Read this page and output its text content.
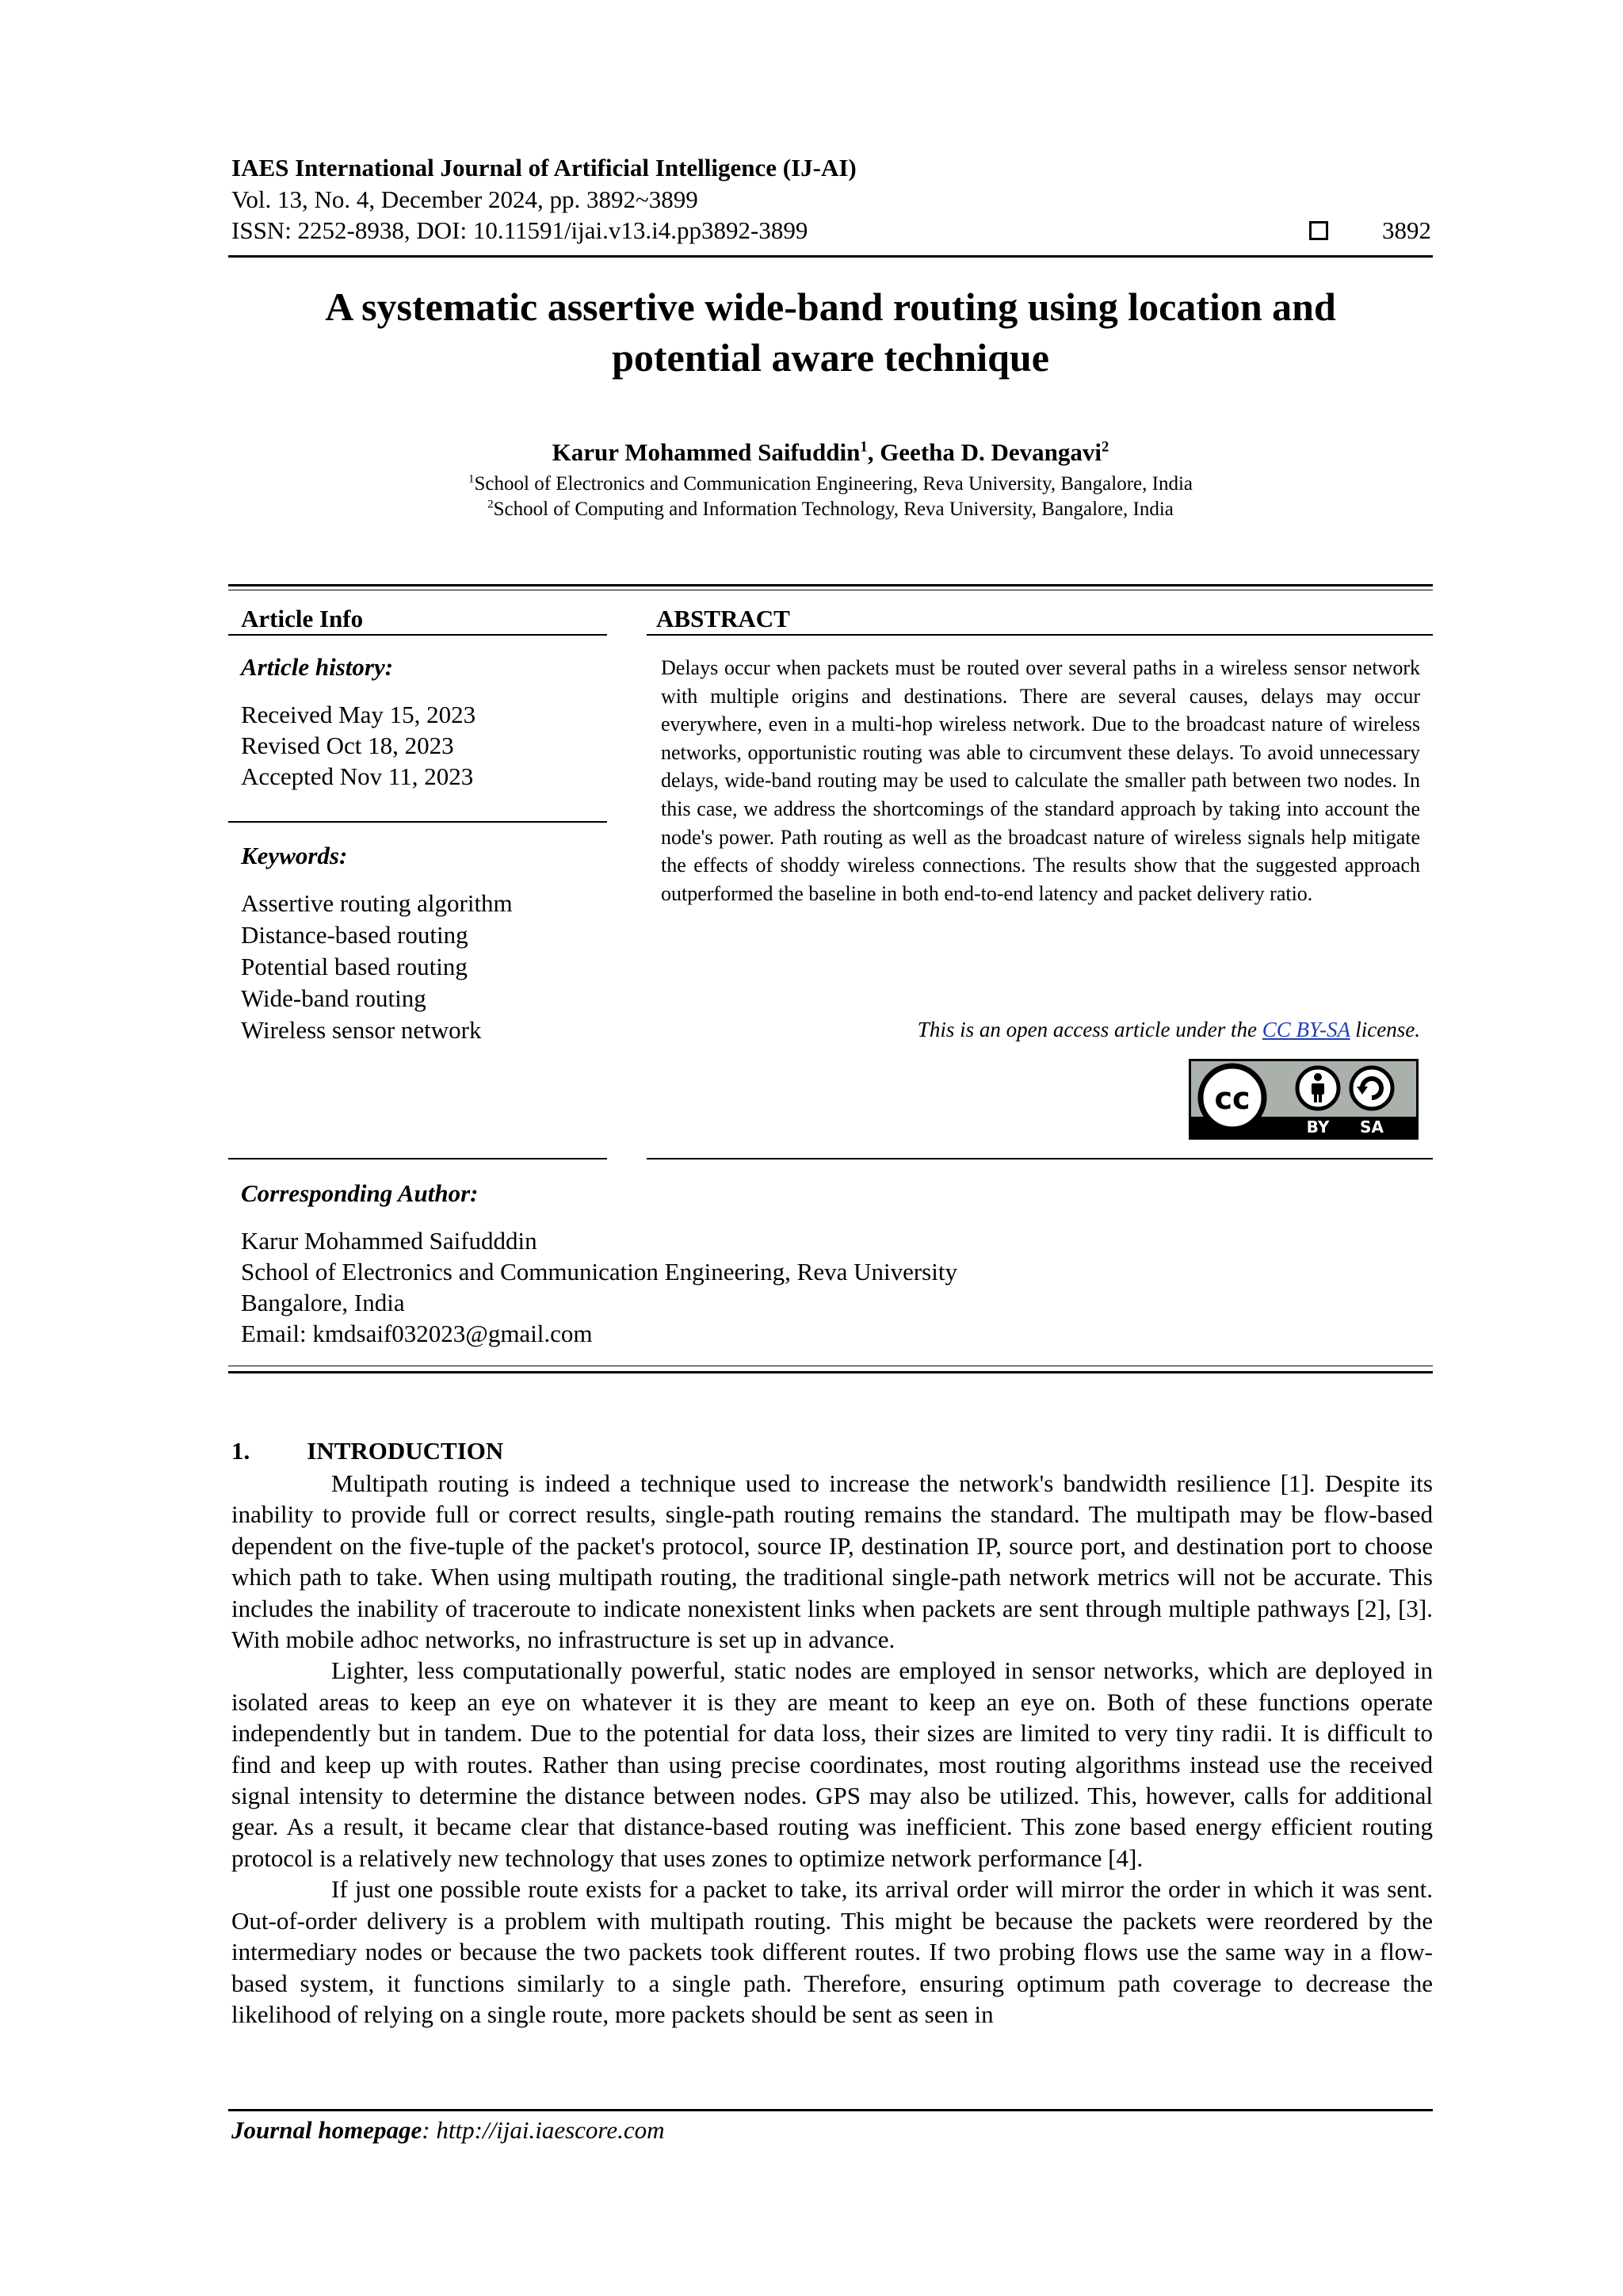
IAES International Journal of Artificial Intelligence (IJ-AI)
Vol. 13, No. 4, December 2024, pp. 3892~3899
ISSN: 2252-8938, DOI: 10.11591/ijai.v13.i4.pp3892-3899	3892
A systematic assertive wide-band routing using location and
potential aware technique
Karur Mohammed Saifuddin$^1$, Geetha D. Devangavi$^2$
$^1$School of Electronics and Communication Engineering, Reva University, Bangalore, India
$^2$School of Computing and Information Technology, Reva University, Bangalore, India
Article Info
Article history:
Received May 15, 2023
Revised Oct 18, 2023
Accepted Nov 11, 2023
Keywords:
Assertive routing algorithm
Distance-based routing
Potential based routing
Wide-band routing
Wireless sensor network
ABSTRACT
Delays occur when packets must be routed over several paths in a wireless sensor network with multiple origins and destinations. There are several causes, delays may occur everywhere, even in a multi-hop wireless network. Due to the broadcast nature of wireless networks, opportunistic routing was able to circumvent these delays. To avoid unnecessary delays, wide-band routing may be used to calculate the smaller path between two nodes. In this case, we address the shortcomings of the standard approach by taking into account the node's power. Path routing as well as the broadcast nature of wireless signals help mitigate the effects of shoddy wireless connections. The results show that the suggested approach outperformed the baseline in both end-to-end latency and packet delivery ratio.
This is an open access article under the CC BY-SA license.
cc
BY SA
Corresponding Author:
Karur Mohammed Saifudddin
School of Electronics and Communication Engineering, Reva University
Bangalore, India
Email: kmdsaif032023@gmail.com
1. INTRODUCTION

Multipath routing is indeed a technique used to increase the network's bandwidth resilience [1]. Despite its inability to provide full or correct results, single-path routing remains the standard. The multipath may be flow-based dependent on the five-tuple of the packet's protocol, source IP, destination IP, source port, and destination port to choose which path to take. When using multipath routing, the traditional single-path network metrics will not be accurate. This includes the inability of traceroute to indicate nonexistent links when packets are sent through multiple pathways [2], [3]. With mobile adhoc networks, no infrastructure is set up in advance.

Lighter, less computationally powerful, static nodes are employed in sensor networks, which are deployed in isolated areas to keep an eye on whatever it is they are meant to keep an eye on. Both of these functions operate independently but in tandem. Due to the potential for data loss, their sizes are limited to very tiny radii. It is difficult to find and keep up with routes. Rather than using precise coordinates, most routing algorithms instead use the received signal intensity to determine the distance between nodes. GPS may also be utilized. This, however, calls for additional gear. As a result, it became clear that distance-based routing was inefficient. This zone based energy efficient routing protocol is a relatively new technology that uses zones to optimize network performance [4].

If just one possible route exists for a packet to take, its arrival order will mirror the order in which it was sent. Out-of-order delivery is a problem with multipath routing. This might be because the packets were reordered by the intermediary nodes or because the two packets took different routes. If two probing flows use the same way in a flow-based system, it functions similarly to a single path. Therefore, ensuring optimum path coverage to decrease the likelihood of relying on a single route, more packets should be sent as seen in

Journal homepage: http://ijai.iaescore.com
